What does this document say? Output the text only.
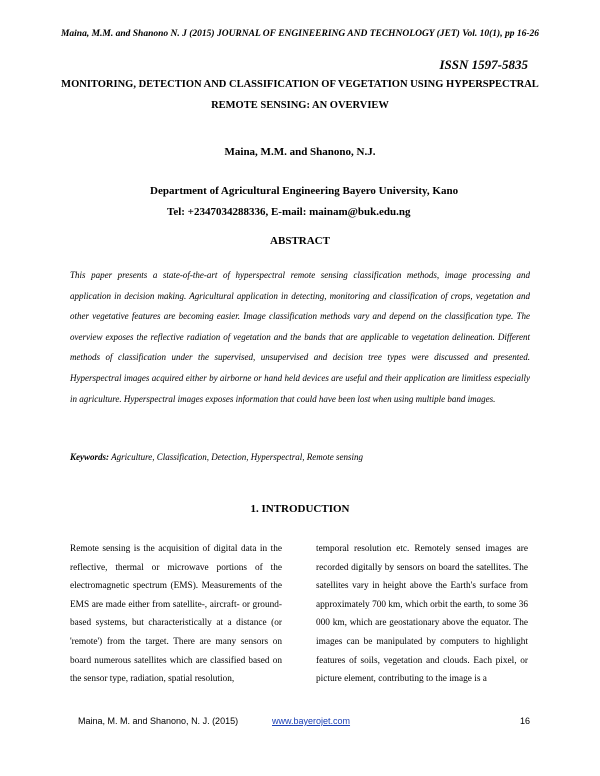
Maina, M.M. and Shanono N. J (2015) JOURNAL OF ENGINEERING AND TECHNOLOGY (JET) Vol. 10(1), pp 16-26
ISSN 1597-5835
MONITORING, DETECTION AND CLASSIFICATION OF VEGETATION USING HYPERSPECTRAL REMOTE SENSING: AN OVERVIEW
Maina, M.M. and Shanono, N.J.
Department of Agricultural Engineering Bayero University, Kano
Tel: +2347034288336, E-mail: mainam@buk.edu.ng
ABSTRACT
This paper presents a state-of-the-art of hyperspectral remote sensing classification methods, image processing and application in decision making. Agricultural application in detecting, monitoring and classification of crops, vegetation and other vegetative features are becoming easier. Image classification methods vary and depend on the classification type. The overview exposes the reflective radiation of vegetation and the bands that are applicable to vegetation delineation. Different methods of classification under the supervised, unsupervised and decision tree types were discussed and presented. Hyperspectral images acquired either by airborne or hand held devices are useful and their application are limitless especially in agriculture. Hyperspectral images exposes information that could have been lost when using multiple band images.
Keywords: Agriculture, Classification, Detection, Hyperspectral, Remote sensing
1. INTRODUCTION
Remote sensing is the acquisition of digital data in the reflective, thermal or microwave portions of the electromagnetic spectrum (EMS). Measurements of the EMS are made either from satellite-, aircraft- or ground-based systems, but characteristically at a distance (or 'remote') from the target. There are many sensors on board numerous satellites which are classified based on the sensor type, radiation, spatial resolution,
temporal resolution etc. Remotely sensed images are recorded digitally by sensors on board the satellites. The satellites vary in height above the Earth's surface from approximately 700 km, which orbit the earth, to some 36 000 km, which are geostationary above the equator. The images can be manipulated by computers to highlight features of soils, vegetation and clouds. Each pixel, or picture element, contributing to the image is a
Maina, M. M. and Shanono, N. J. (2015)	www.bayerojet.com	16
